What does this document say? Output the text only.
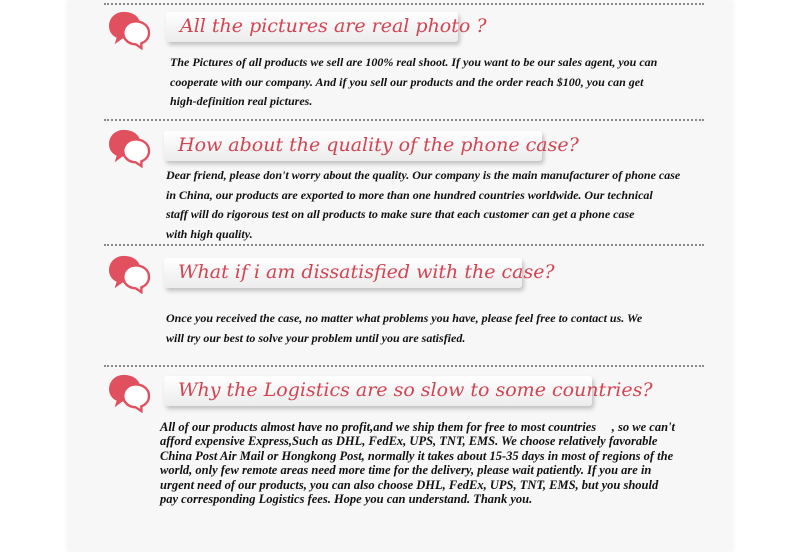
All the pictures are real photo ?

The Pictures of all products we sell are 100% real shoot. If you want to be our sales agent, you can
cooperate with our company. And if you sell our products and the order reach $100, you can get
high-definition real pictures.

How about the quality of the phone case?

Dear friend, please don't worry about the quality. Our company is the main manufacturer of phone case
in China, our products are exported to more than one hundred countries worldwide. Our technical
staff will do rigorous test on all products to make sure that each customer can get a phone case
with high quality.

What if i am dissatisfied with the case?

Once you received the case, no matter what problems you have, please feel free to contact us. We
will try our best to solve your problem until you are satisfied.

Why the Logistics are so slow to some countries?

All of our products almost have no profit,and we ship them for free to most countries 　, so we can't
afford expensive Express,Such as DHL, FedEx, UPS, TNT, EMS. We choose relatively favorable
China Post Air Mail or Hongkong Post, normally it takes about 15-35 days in most of regions of the
world, only few remote areas need more time for the delivery, please wait patiently. If you are in
urgent need of our products, you can also choose DHL, FedEx, UPS, TNT, EMS, but you should
pay corresponding Logistics fees. Hope you can understand. Thank you.
